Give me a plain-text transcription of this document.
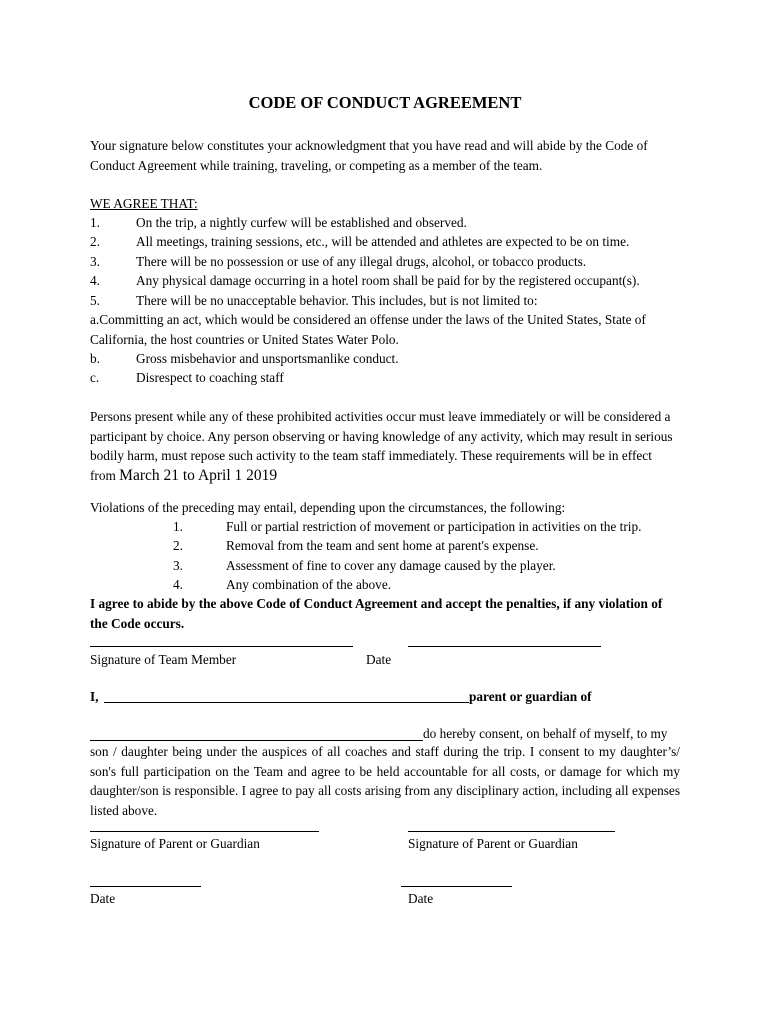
CODE OF CONDUCT AGREEMENT
Your signature below constitutes your acknowledgment that you have read and will abide by the Code of Conduct Agreement while training, traveling, or competing as a member of the team.
WE AGREE THAT:
1.	On the trip, a nightly curfew will be established and observed.
2.	All meetings, training sessions, etc., will be attended and athletes are expected to be on time.
3.	There will be no possession or use of any illegal drugs, alcohol, or tobacco products.
4.	Any physical damage occurring in a hotel room shall be paid for by the registered occupant(s).
5.	There will be no unacceptable behavior. This includes, but is not limited to:
a.Committing an act, which would be considered an offense under the laws of the United States, State of California, the host countries or United States Water Polo.
b.	Gross misbehavior and unsportsmanlike conduct.
c.	Disrespect to coaching staff
Persons present while any of these prohibited activities occur must leave immediately or will be considered a participant by choice. Any person observing or having knowledge of any activity, which may result in serious bodily harm, must repose such activity to the team staff immediately. These requirements will be in effect from March 21 to April 1 2019
Violations of the preceding may entail, depending upon the circumstances, the following:
1.	Full or partial restriction of movement or participation in activities on the trip.
2.	Removal from the team and sent home at parent's expense.
3.	Assessment of fine to cover any damage caused by the player.
4.	Any combination of the above.
I agree to abide by the above Code of Conduct Agreement and accept the penalties, if any violation of the Code occurs.
Signature of Team Member	Date
I,	parent or guardian of
do hereby consent, on behalf of myself, to my
son / daughter being under the auspices of all coaches and staff during the trip. I consent to my daughter’s/ son's full participation on the Team and agree to be held accountable for all costs, or damage for which my daughter/son is responsible. I agree to pay all costs arising from any disciplinary action, including all expenses listed above.
Signature of Parent or Guardian	Signature of Parent or Guardian
Date	Date
